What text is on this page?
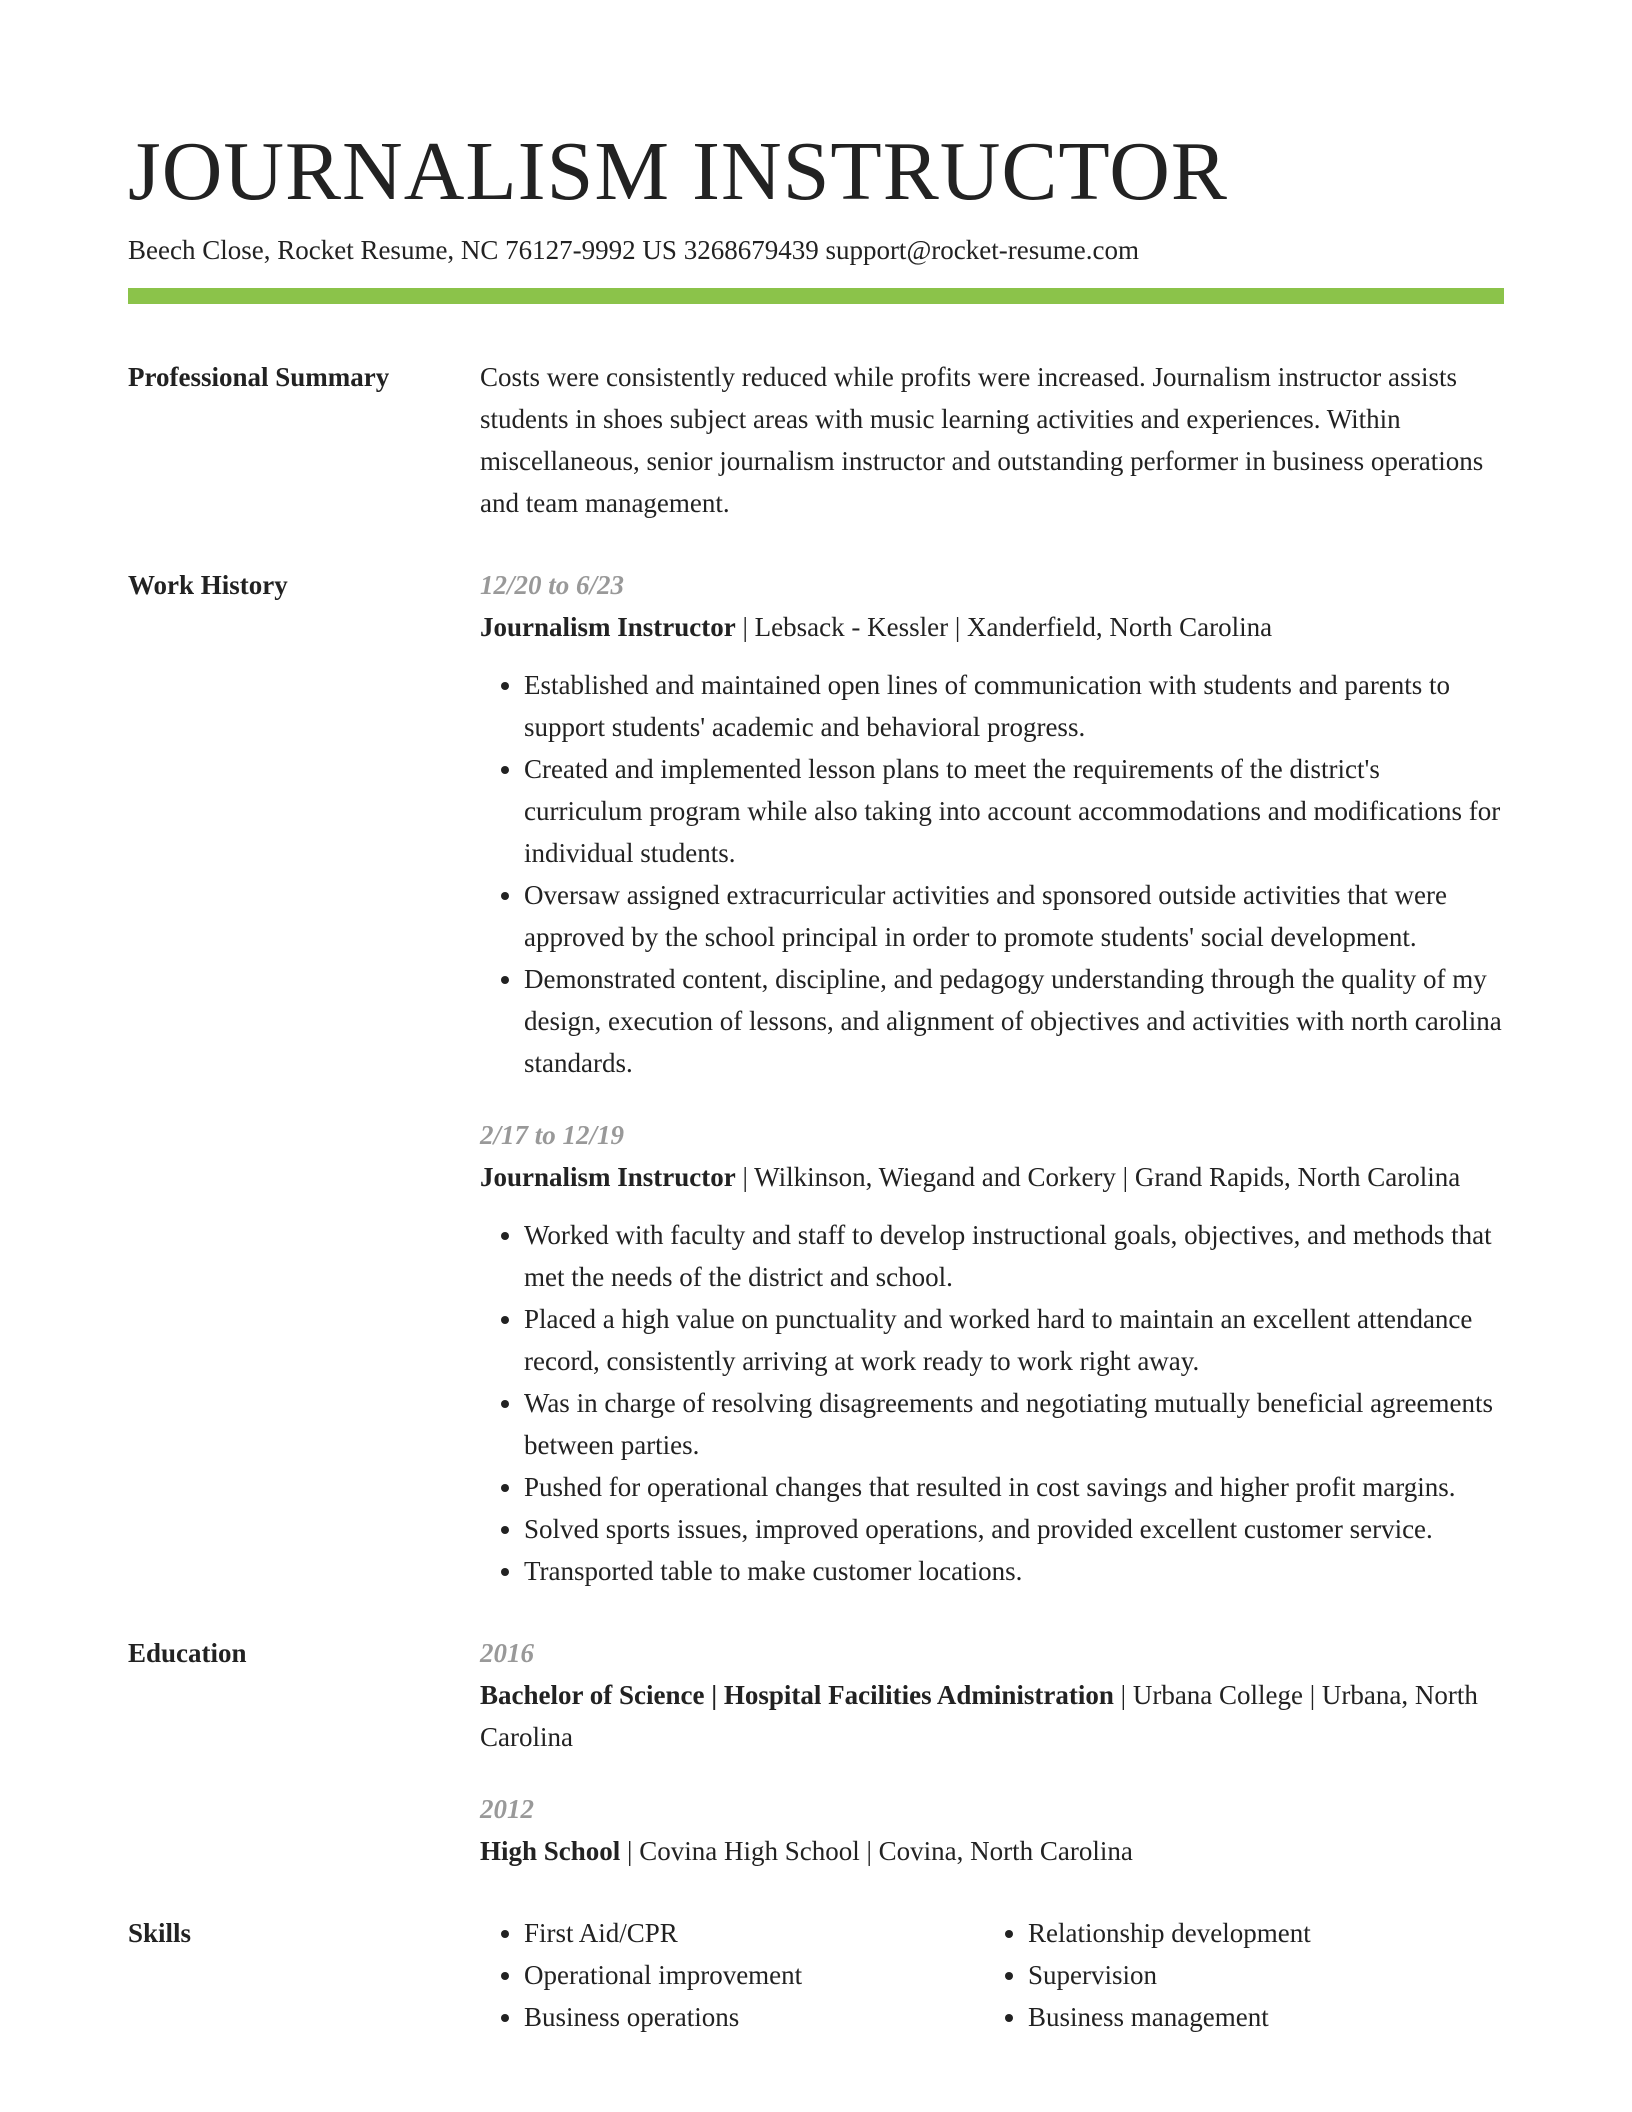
JOURNALISM INSTRUCTOR
Beech Close, Rocket Resume, NC 76127-9992 US 3268679439 support@rocket-resume.com
Professional Summary	Costs were consistently reduced while profits were increased. Journalism instructor assists students in shoes subject areas with music learning activities and experiences. Within miscellaneous, senior journalism instructor and outstanding performer in business operations and team management.

Work History	12/20 to 6/23
Journalism Instructor | Lebsack - Kessler | Xanderfield, North Carolina
• Established and maintained open lines of communication with students and parents to support students' academic and behavioral progress.
• Created and implemented lesson plans to meet the requirements of the district's curriculum program while also taking into account accommodations and modifications for individual students.
• Oversaw assigned extracurricular activities and sponsored outside activities that were approved by the school principal in order to promote students' social development.
• Demonstrated content, discipline, and pedagogy understanding through the quality of my design, execution of lessons, and alignment of objectives and activities with north carolina standards.
2/17 to 12/19
Journalism Instructor | Wilkinson, Wiegand and Corkery | Grand Rapids, North Carolina
• Worked with faculty and staff to develop instructional goals, objectives, and methods that met the needs of the district and school.
• Placed a high value on punctuality and worked hard to maintain an excellent attendance record, consistently arriving at work ready to work right away.
• Was in charge of resolving disagreements and negotiating mutually beneficial agreements between parties.
• Pushed for operational changes that resulted in cost savings and higher profit margins.
• Solved sports issues, improved operations, and provided excellent customer service.
• Transported table to make customer locations.
Education	2016
Bachelor of Science | Hospital Facilities Administration | Urbana College | Urbana, North Carolina
2012
High School | Covina High School | Covina, North Carolina
Skills
•	First Aid/CPR
• Operational improvement
• Business operations
• Relationship development
• Supervision
• Business management
